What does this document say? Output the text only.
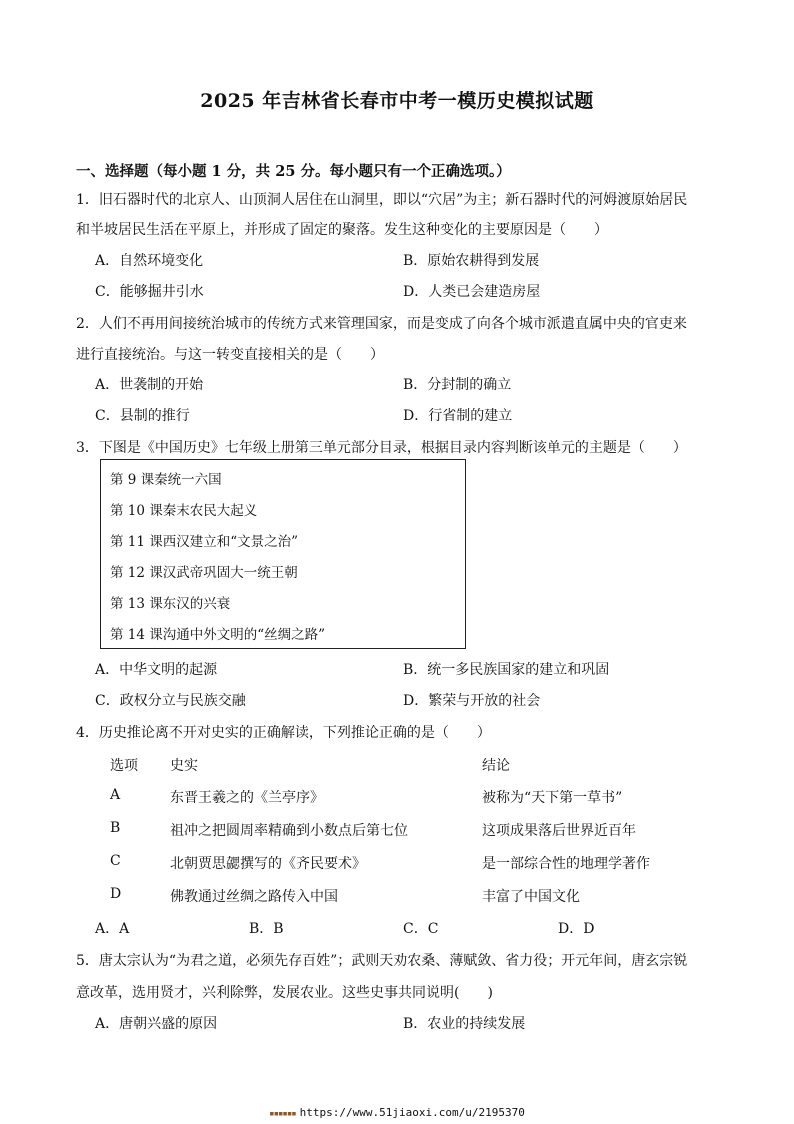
2025 年吉林省长春市中考一模历史模拟试题
一、选择题（每小题 1 分，共 25 分。每小题只有一个正确选项。）
1．旧石器时代的北京人、山顶洞人居住在山洞里，即以“穴居”为主；新石器时代的河姆渡原始居民
和半坡居民生活在平原上，并形成了固定的聚落。发生这种变化的主要原因是（　　）
A．自然环境变化	B．原始农耕得到发展
C．能够掘井引水	D．人类已会建造房屋
2．人们不再用间接统治城市的传统方式来管理国家，而是变成了向各个城市派遣直属中央的官吏来
进行直接统治。与这一转变直接相关的是（　　）
A．世袭制的开始	B．分封制的确立
C．县制的推行	D．行省制的建立
3．下图是《中国历史》七年级上册第三单元部分目录，根据目录内容判断该单元的主题是（　　）
第 9 课秦统一六国
第 10 课秦末农民大起义
第 11 课西汉建立和“文景之治”
第 12 课汉武帝巩固大一统王朝
第 13 课东汉的兴衰
第 14 课沟通中外文明的“丝绸之路”
A．中华文明的起源	B．统一多民族国家的建立和巩固
C．政权分立与民族交融	D．繁荣与开放的社会
4．历史推论离不开对史实的正确解读，下列推论正确的是（　　）
选项 史实	结论
A	东晋王羲之的《兰亭序》	被称为“天下第一草书”
B	祖冲之把圆周率精确到小数点后第七位	这项成果落后世界近百年
C	北朝贾思勰撰写的《齐民要术》	是一部综合性的地理学著作
D	佛教通过丝绸之路传入中国	丰富了中国文化
A．A	B．B	C．C	D．D
5．唐太宗认为“为君之道，必须先存百姓”；武则天劝农桑、薄赋敛、省力役；开元年间，唐玄宗锐
意改革，选用贤才，兴利除弊，发展农业。这些史事共同说明(　　)
A．唐朝兴盛的原因	B．农业的持续发展
▪▪▪▪▪▪ https://www.51jiaoxi.com/u/2195370
